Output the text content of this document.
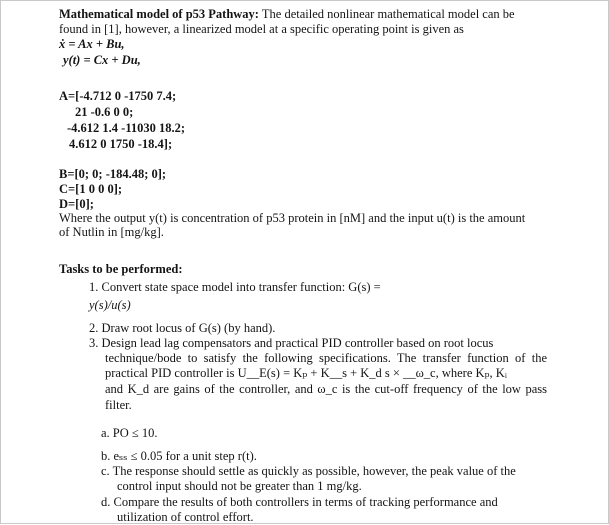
Mathematical model of p53 Pathway: The detailed nonlinear mathematical model can be
found in [1], however, a linearized model at a specific operating point is given as
ẋ = Ax + Bu,
y(t) = Cx + Du,
A=[-4.712 0 -1750 7.4;
21 -0.6 0 0;
-4.612 1.4 -11030 18.2;
4.612 0 1750 -18.4];
B=[0; 0; -184.48; 0];
C=[1 0 0 0];
D=[0];
Where the output y(t) is concentration of p53 protein in [nM] and the input u(t) is the amount
of Nutlin in [mg/kg].
Tasks to be performed:
1. Convert state space model into transfer function: G(s) =
y(s)/u(s)
2. Draw root locus of G(s) (by hand).
3. Design lead lag compensators and practical PID controller based on root locus
technique/bode to satisfy the following specifications. The transfer function of the
practical PID controller is U__E(s) = Kₚ + K__s + K_d s × __ω_c, where Kₚ, Kᵢ
and K_d are gains of the controller, and ω_c is the cut-off frequency of the low pass
filter.
a. PO ≤ 10.
b. eₛₛ ≤ 0.05 for a unit step r(t).
c. The response should settle as quickly as possible, however, the peak value of the
control input should not be greater than 1 mg/kg.
d. Compare the results of both controllers in terms of tracking performance and
utilization of control effort.
